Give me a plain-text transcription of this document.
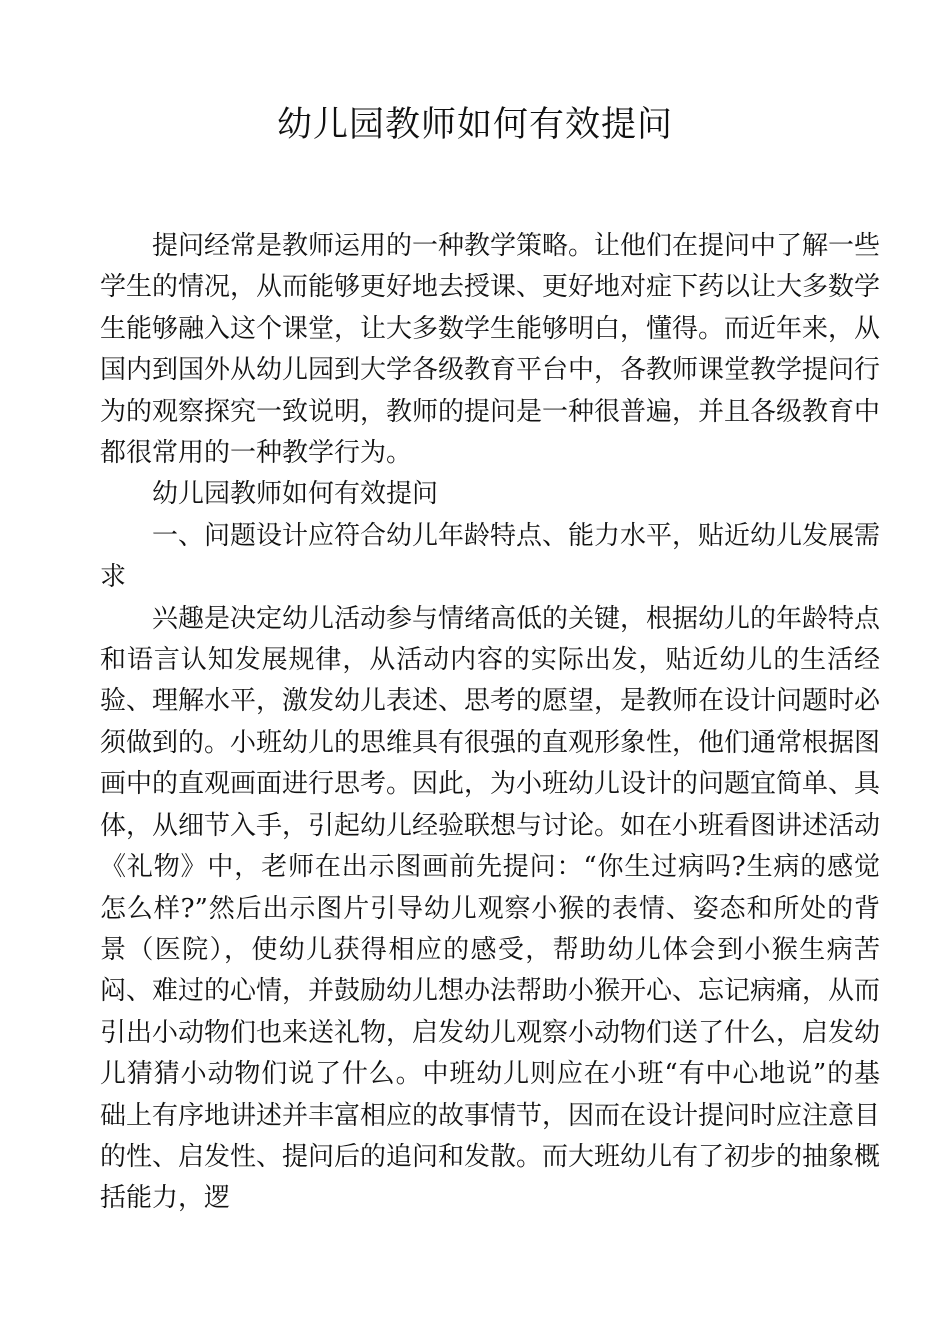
幼儿园教师如何有效提问

提问经常是教师运用的一种教学策略。让他们在提问中了解一些学生的情况，从而能够更好地去授课、更好地对症下药以让大多数学生能够融入这个课堂，让大多数学生能够明白，懂得。而近年来，从国内到国外从幼儿园到大学各级教育平台中，各教师课堂教学提问行为的观察探究一致说明，教师的提问是一种很普遍，并且各级教育中都很常用的一种教学行为。

幼儿园教师如何有效提问

一、问题设计应符合幼儿年龄特点、能力水平，贴近幼儿发展需求

兴趣是决定幼儿活动参与情绪高低的关键，根据幼儿的年龄特点和语言认知发展规律，从活动内容的实际出发，贴近幼儿的生活经验、理解水平，激发幼儿表述、思考的愿望，是教师在设计问题时必须做到的。小班幼儿的思维具有很强的直观形象性，他们通常根据图画中的直观画面进行思考。因此，为小班幼儿设计的问题宜简单、具体，从细节入手，引起幼儿经验联想与讨论。如在小班看图讲述活动《礼物》中，老师在出示图画前先提问：“你生过病吗?生病的感觉怎么样?”然后出示图片引导幼儿观察小猴的表情、姿态和所处的背景（医院），使幼儿获得相应的感受，帮助幼儿体会到小猴生病苦闷、难过的心情，并鼓励幼儿想办法帮助小猴开心、忘记病痛，从而引出小动物们也来送礼物，启发幼儿观察小动物们送了什么，启发幼儿猜猜小动物们说了什么。中班幼儿则应在小班“有中心地说”的基础上有序地讲述并丰富相应的故事情节，因而在设计提问时应注意目的性、启发性、提问后的追问和发散。而大班幼儿有了初步的抽象概括能力，逻
